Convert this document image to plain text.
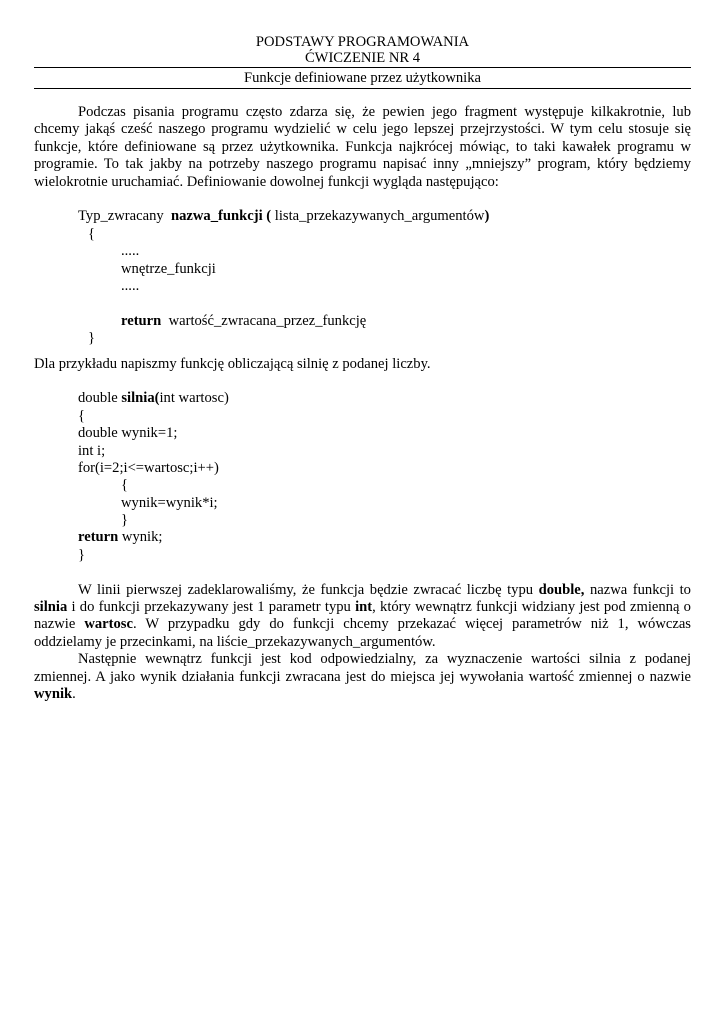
PODSTAWY PROGRAMOWANIA
ĆWICZENIE NR 4
Funkcje definiowane przez użytkownika

Podczas pisania programu często zdarza się, że pewien jego fragment występuje kilkakrotnie, lub chcemy jakąś cześć naszego programu wydzielić w celu jego lepszej przejrzystości. W tym celu stosuje się funkcje, które definiowane są przez użytkownika. Funkcja najkrócej mówiąc, to taki kawałek programu w programie. To tak jakby na potrzeby naszego programu napisać inny „mniejszy” program, który będziemy wielokrotnie uruchamiać. Definiowanie dowolnej funkcji wygląda następująco:

Typ_zwracany nazwa_funkcji ( lista_przekazywanych_argumentów)
{
.....
wnętrze_funkcji
.....
return wartość_zwracana_przez_funkcję
}

Dla przykładu napiszmy funkcję obliczającą silnię z podanej liczby.

double silnia(int wartosc)
{
double wynik=1;
int i;
for(i=2;i<=wartosc;i++)
{
wynik=wynik*i;
}
return wynik;
}

W linii pierwszej zadeklarowaliśmy, że funkcja będzie zwracać liczbę typu double, nazwa funkcji to silnia i do funkcji przekazywany jest 1 parametr typu int, który wewnątrz funkcji widziany jest pod zmienną o nazwie wartosc. W przypadku gdy do funkcji chcemy przekazać więcej parametrów niż 1, wówczas oddzielamy je przecinkami, na liście_przekazywanych_argumentów.

Następnie wewnątrz funkcji jest kod odpowiedzialny, za wyznaczenie wartości silnia z podanej zmiennej. A jako wynik działania funkcji zwracana jest do miejsca jej wywołania wartość zmiennej o nazwie wynik.
